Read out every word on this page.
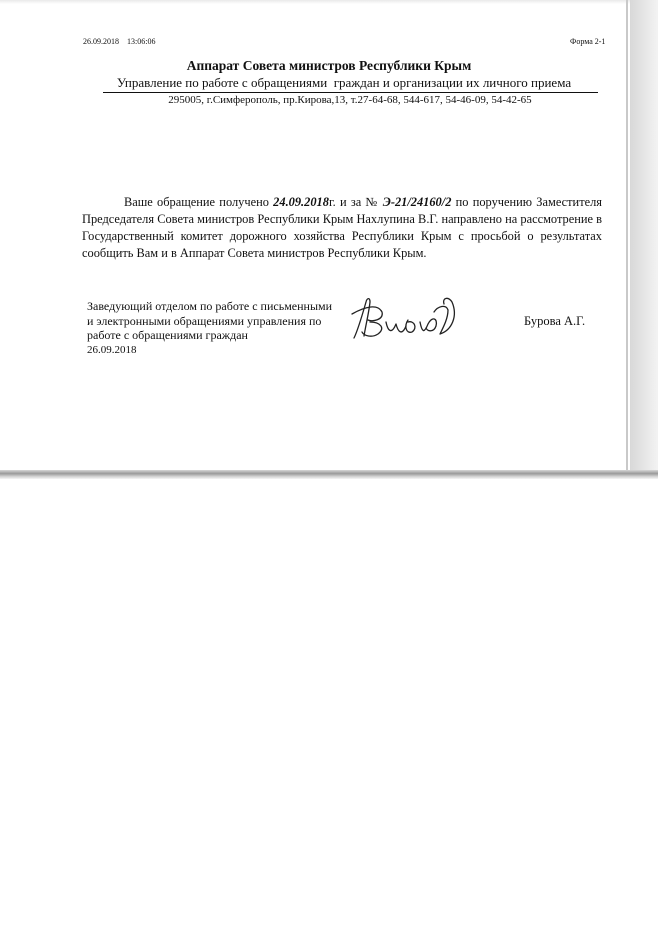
26.09.2018    13:06:06	Форма 2-1
Аппарат Совета министров Республики Крым
Управление по работе с обращениями  граждан и организации их личного приема
295005, г.Симферополь, пр.Кирова,13, т.27-64-68, 544-617, 54-46-09, 54-42-65
Ваше обращение получено 24.09.2018г. и за № Э-21/24160/2 по поручению Заместителя Председателя Совета министров Республики Крым Нахлупина В.Г. направлено на рассмотрение в Государственный комитет дорожного хозяйства Республики Крым с просьбой о результатах сообщить Вам и в Аппарат Совета министров Республики Крым.
Заведующий отделом по работе с письменными
и электронными обращениями управления по
работе с обращениями граждан
26.09.2018
Бурова А.Г.
